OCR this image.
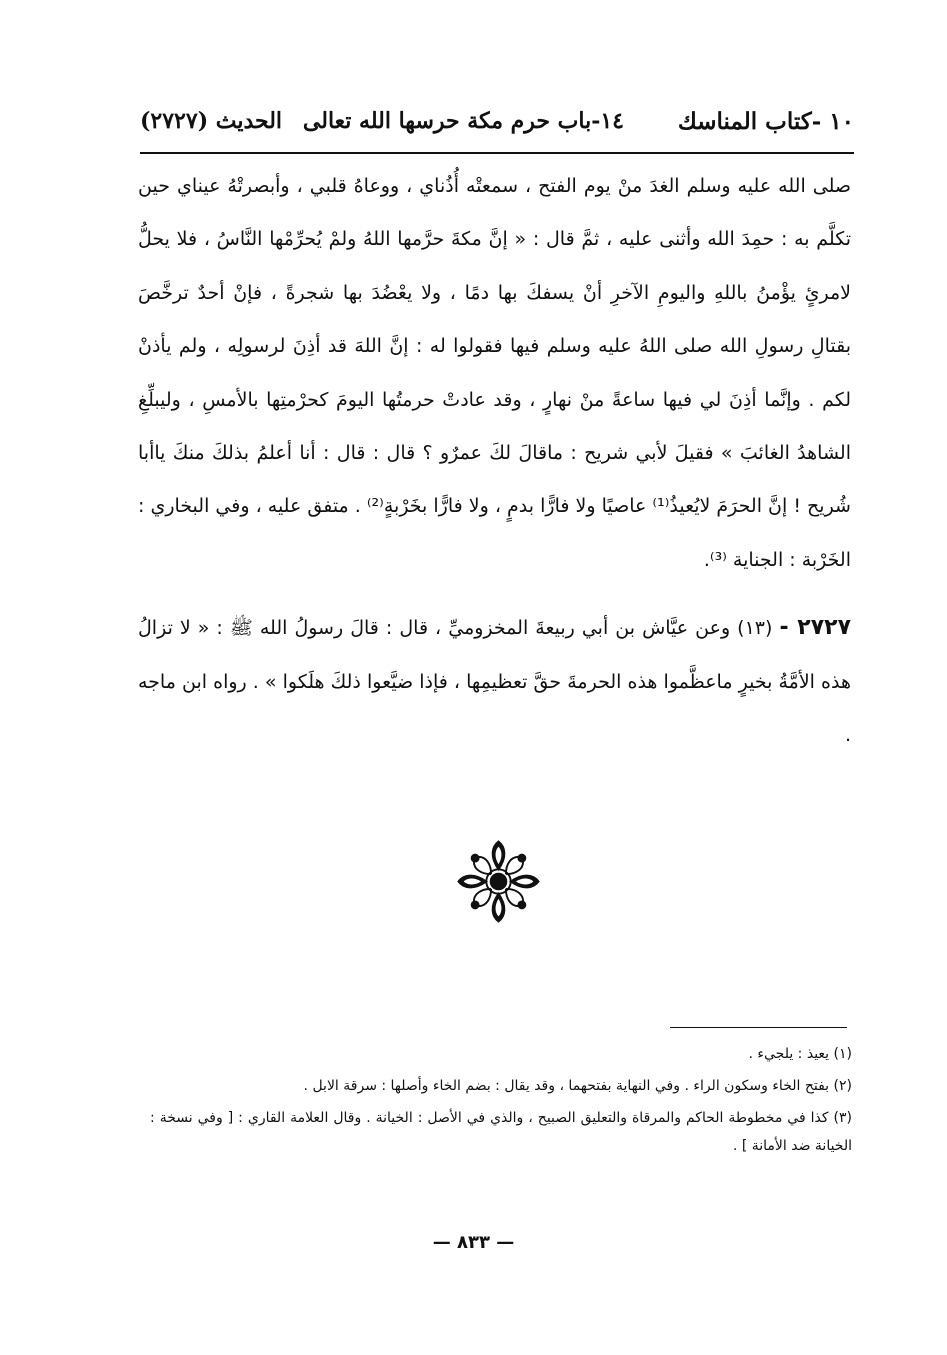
١٠ -كتاب المناسك
١٤-باب حرم مكة حرسها الله تعالى
الحديث (٢٧٢٧)

صلى الله عليه وسلم الغدَ منْ يوم الفتح ، سمعتْه أُذُناي ، ووعاهُ قلبي ، وأبصرتْهُ عيناي حين تكلَّم به : حمِدَ الله وأثنى عليه ، ثمَّ قال : « إنَّ مكةَ حرَّمها اللهُ ولمْ يُحرِّمْها النَّاسُ ، فلا يحلُّ لامرئٍ يؤْمنُ باللهِ واليومِ الآخرِ أنْ يسفكَ بها دمًا ، ولا يعْضُدَ بها شجرةً ، فإنْ أحدٌ ترخَّصَ بقتالِ رسولِ الله صلى اللهُ عليه وسلم فيها فقولوا له : إنَّ اللهَ قد أذِنَ لرسولِه ، ولم يأذنْ لكم . وإنَّما أذِنَ لي فيها ساعةً منْ نهارٍ ، وقد عادتْ حرمتُها اليومَ كحرْمتِها بالأمسِ ، وليبلِّغِ الشاهدُ الغائبَ » فقيلَ لأبي شريح : ماقالَ لكَ عمرٌو ؟ قال : قال : أنا أعلمُ بذلكَ منكَ ياأبا شُريح ! إنَّ الحرَمَ لايُعيذُ⁽¹⁾ عاصيًا ولا فارًّا بدمٍ ، ولا فارًّا بخَرْبةٍ⁽²⁾ . متفق عليه ، وفي البخاري : الخَرْبة : الجناية ⁽³⁾.

٢٧٢٧ - (١٣) وعن عيَّاش بن أبي ربيعةَ المخزوميِّ ، قال : قالَ رسولُ الله ﷺ : « لا تزالُ هذه الأمَّةُ بخيرٍ ماعظَّموا هذه الحرمةَ حقَّ تعظيمِها ، فإذا ضيَّعوا ذلكَ هلَكوا » . رواه ابن ماجه .

(١) يعيذ : يلجيء .

(٢) بفتح الخاء وسكون الراء . وفي النهاية بفتحهما ، وقد يقال : بضم الخاء وأصلها : سرقة الابل .

(٣) كذا في مخطوطة الحاكم والمرقاة والتعليق الصبيح ، والذي في الأصل : الخيانة . وقال العلامة القاري : [ وفي نسخة : الخيانة ضد الأمانة ] .

— ٨٣٣ —
